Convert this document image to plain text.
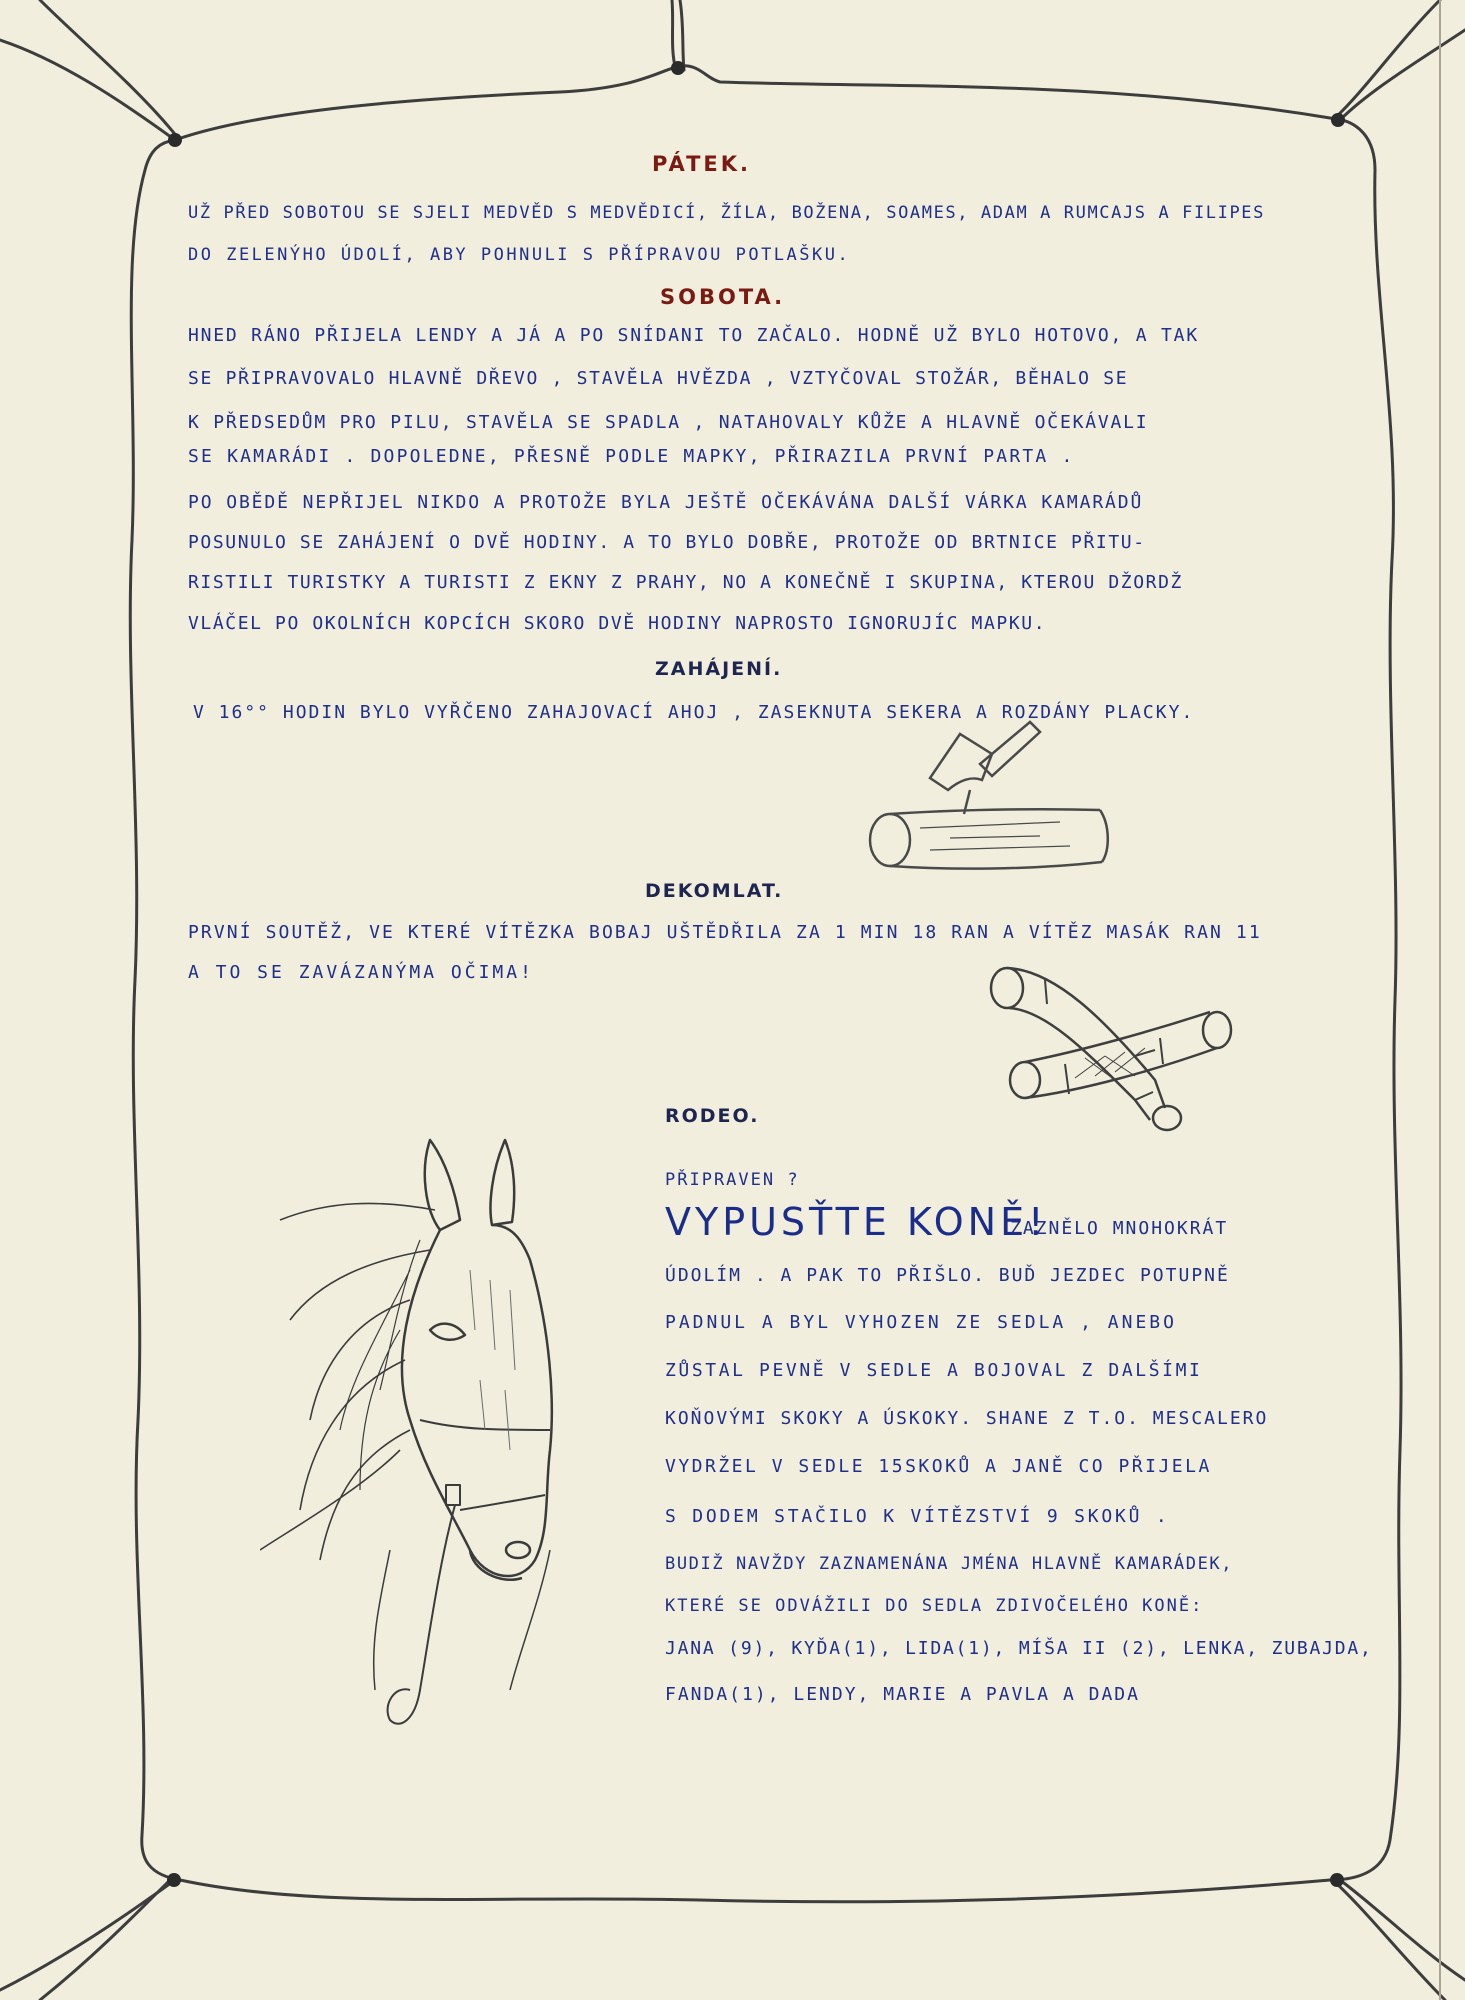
PÁTEK.
UŽ PŘED SOBOTOU SE SJELI MEDVĚD S MEDVĚDICÍ, ŽÍLA, BOŽENA, SOAMES, ADAM A RUMCAJS A FILIPES
DO ZELENÝHO ÚDOLÍ, ABY POHNULI S PŘÍPRAVOU POTLAŠKU.
SOBOTA.
HNED RÁNO PŘIJELA LENDY A JÁ A PO SNÍDANI TO ZAČALO. HODNĚ UŽ BYLO HOTOVO, A TAK
SE PŘIPRAVOVALO HLAVNĚ DŘEVO , STAVĚLA HVĚZDA , VZTYČOVAL STOŽÁR, BĚHALO SE
K PŘEDSEDŮM PRO PILU, STAVĚLA SE SPADLA , NATAHOVALY KŮŽE A HLAVNĚ OČEKÁVALI
SE KAMARÁDI . DOPOLEDNE, PŘESNĚ PODLE MAPKY, PŘIRAZILA PRVNÍ PARTA .
PO OBĚDĚ NEPŘIJEL NIKDO A PROTOŽE BYLA JEŠTĚ OČEKÁVÁNA DALŠÍ VÁRKA KAMARÁDŮ
POSUNULO SE ZAHÁJENÍ O DVĚ HODINY. A TO BYLO DOBŘE, PROTOŽE OD BRTNICE PŘITU-
RISTILI TURISTKY A TURISTI Z EKNY Z PRAHY, NO A KONEČNĚ I SKUPINA, KTEROU DŽORDŽ
VLÁČEL PO OKOLNÍCH KOPCÍCH SKORO DVĚ HODINY NAPROSTO IGNORUJÍC MAPKU.
ZAHÁJENÍ.
V 16°° HODIN BYLO VYŘČENO ZAHAJOVACÍ AHOJ , ZASEKNUTA SEKERA A ROZDÁNY PLACKY.
DEKOMLAT.
PRVNÍ SOUTĚŽ, VE KTERÉ VÍTĚZKA BOBAJ UŠTĚDŘILA ZA 1 MIN 18 RAN A VÍTĚZ MASÁK RAN 11
A TO SE ZAVÁZANÝMA OČIMA!
RODEO.
PŘIPRAVEN ?
VYPUSŤTE KONĚ!
ZAZNĚLO MNOHOKRÁT
ÚDOLÍM . A PAK TO PŘIŠLO. BUĎ JEZDEC POTUPNĚ
PADNUL A BYL VYHOZEN ZE SEDLA , ANEBO
ZŮSTAL PEVNĚ V SEDLE A BOJOVAL Z DALŠÍMI
KOŇOVÝMI SKOKY A ÚSKOKY. SHANE Z T.O. MESCALERO
VYDRŽEL V SEDLE 15SKOKŮ A JANĚ CO PŘIJELA
S DODEM STAČILO K VÍTĚZSTVÍ 9 SKOKŮ .
BUDIŽ NAVŽDY ZAZNAMENÁNA JMÉNA HLAVNĚ KAMARÁDEK,
KTERÉ SE ODVÁŽILI DO SEDLA ZDIVOČELÉHO KONĚ:
JANA (9), KYĎA(1), LIDA(1), MÍŠA II (2), LENKA, ZUBAJDA,
FANDA(1), LENDY, MARIE A PAVLA A DADA
